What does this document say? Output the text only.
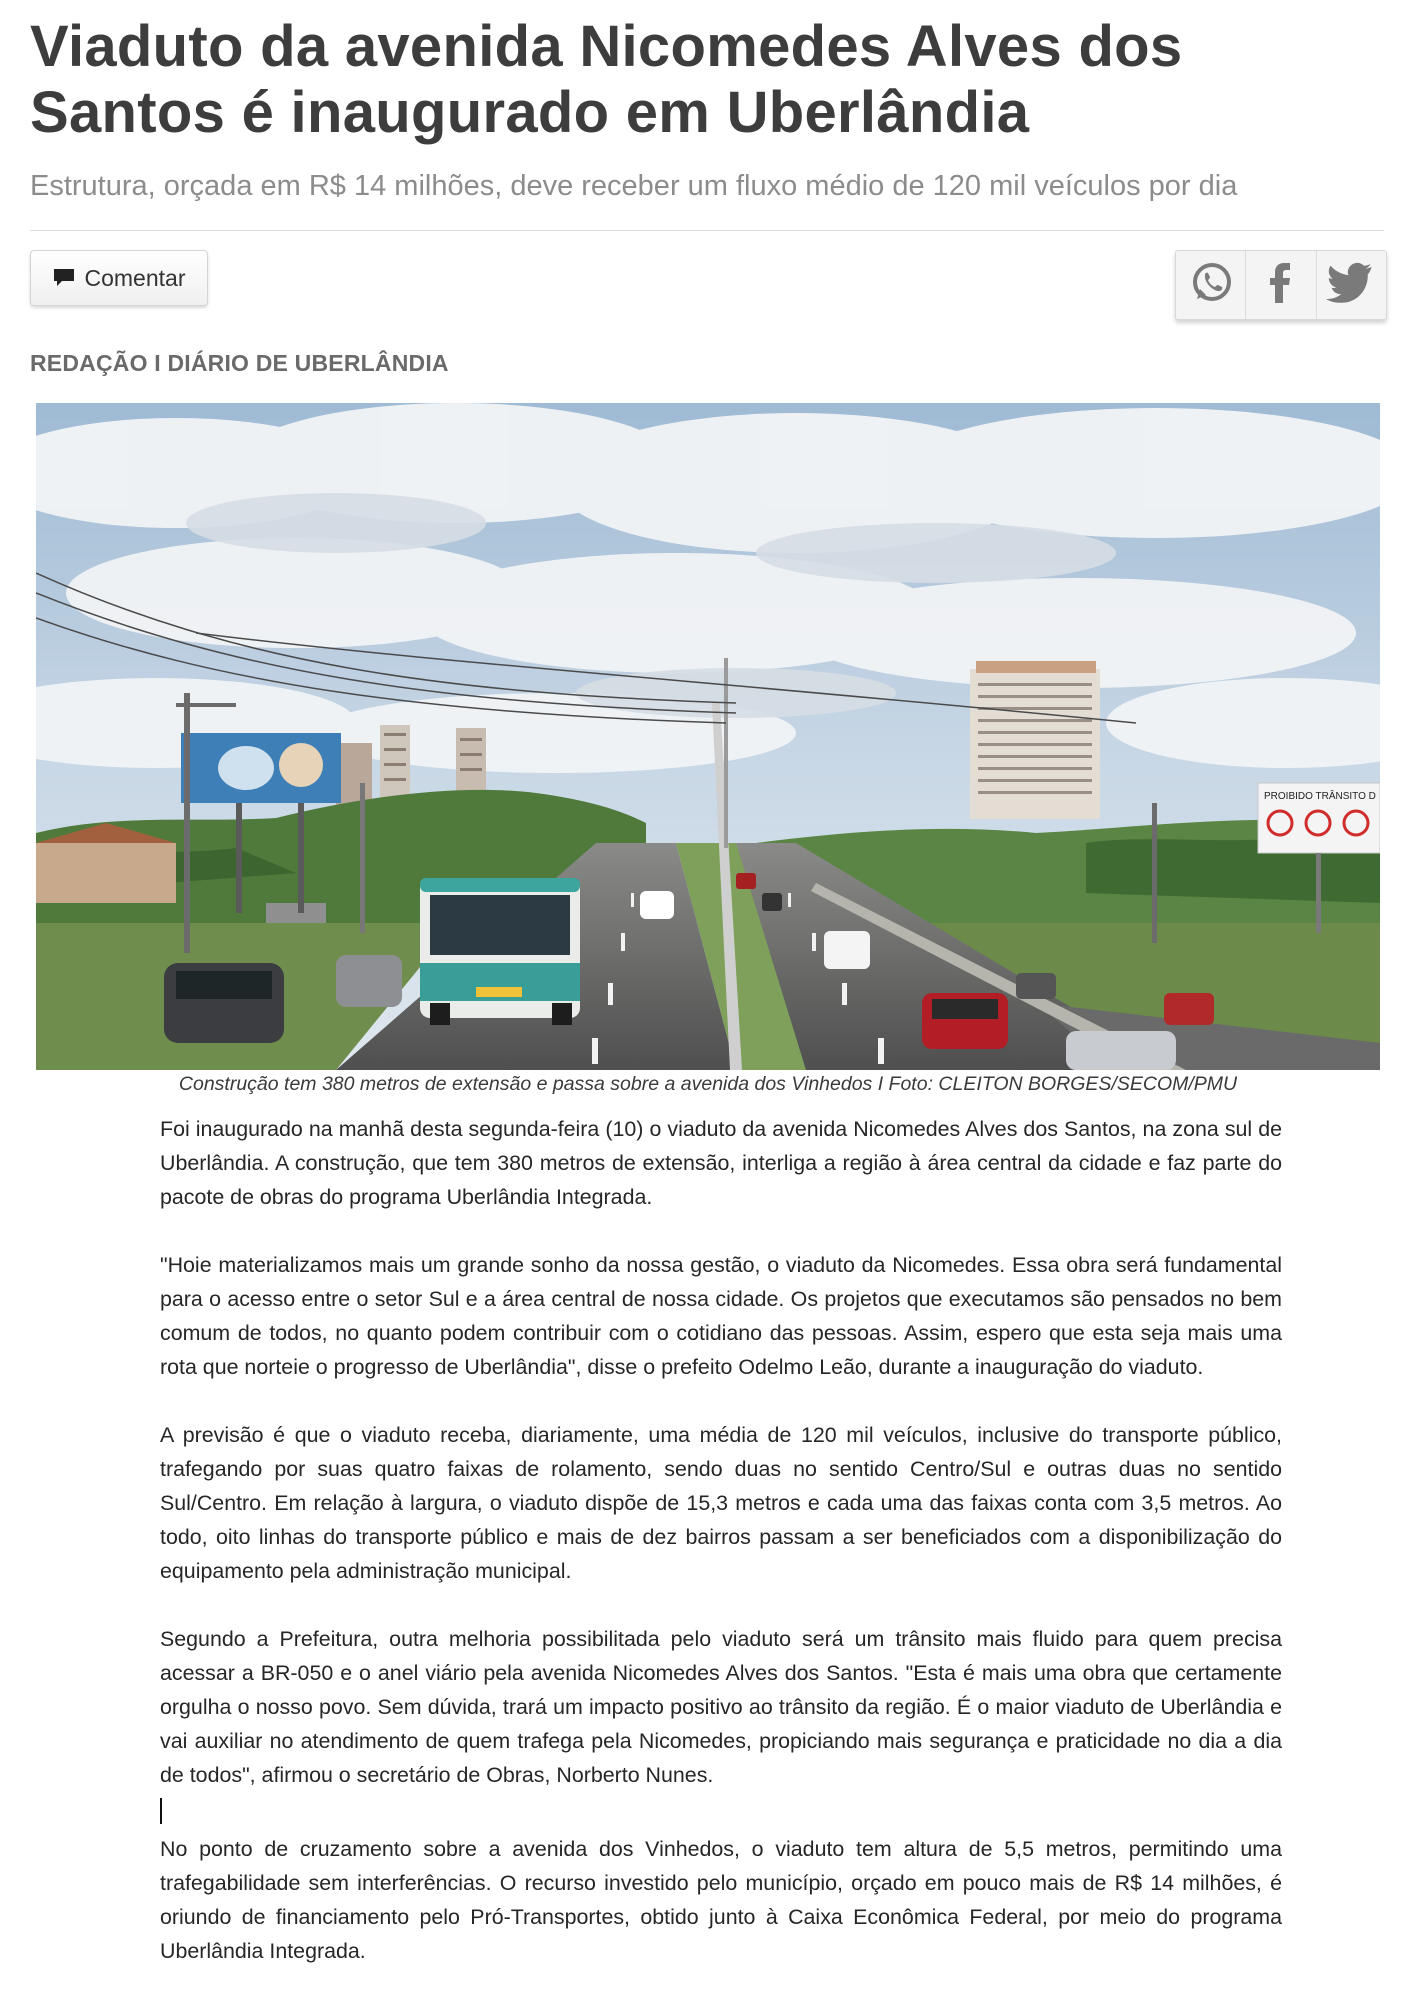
Viaduto da avenida Nicomedes Alves dos Santos é inaugurado em Uberlândia

Estrutura, orçada em R$ 14 milhões, deve receber um fluxo médio de 120 mil veículos por dia

Comentar

REDAÇÃO I DIÁRIO DE UBERLÂNDIA

PROIBIDO TRÂNSITO D

Construção tem 380 metros de extensão e passa sobre a avenida dos Vinhedos I Foto: CLEITON BORGES/SECOM/PMU

Foi inaugurado na manhã desta segunda-feira (10) o viaduto da avenida Nicomedes Alves dos Santos, na zona sul de Uberlândia. A construção, que tem 380 metros de extensão, interliga a região à área central da cidade e faz parte do pacote de obras do programa Uberlândia Integrada.

"Hoie materializamos mais um grande sonho da nossa gestão, o viaduto da Nicomedes. Essa obra será fundamental para o acesso entre o setor Sul e a área central de nossa cidade. Os projetos que executamos são pensados no bem comum de todos, no quanto podem contribuir com o cotidiano das pessoas. Assim, espero que esta seja mais uma rota que norteie o progresso de Uberlândia", disse o prefeito Odelmo Leão, durante a inauguração do viaduto.

A previsão é que o viaduto receba, diariamente, uma média de 120 mil veículos, inclusive do transporte público, trafegando por suas quatro faixas de rolamento, sendo duas no sentido Centro/Sul e outras duas no sentido Sul/Centro. Em relação à largura, o viaduto dispõe de 15,3 metros e cada uma das faixas conta com 3,5 metros. Ao todo, oito linhas do transporte público e mais de dez bairros passam a ser beneficiados com a disponibilização do equipamento pela administração municipal.

Segundo a Prefeitura, outra melhoria possibilitada pelo viaduto será um trânsito mais fluido para quem precisa acessar a BR-050 e o anel viário pela avenida Nicomedes Alves dos Santos. "Esta é mais uma obra que certamente orgulha o nosso povo. Sem dúvida, trará um impacto positivo ao trânsito da região. É o maior viaduto de Uberlândia e vai auxiliar no atendimento de quem trafega pela Nicomedes, propiciando mais segurança e praticidade no dia a dia de todos", afirmou o secretário de Obras, Norberto Nunes.

No ponto de cruzamento sobre a avenida dos Vinhedos, o viaduto tem altura de 5,5 metros, permitindo uma trafegabilidade sem interferências. O recurso investido pelo município, orçado em pouco mais de R$ 14 milhões, é oriundo de financiamento pelo Pró-Transportes, obtido junto à Caixa Econômica Federal, por meio do programa Uberlândia Integrada.
